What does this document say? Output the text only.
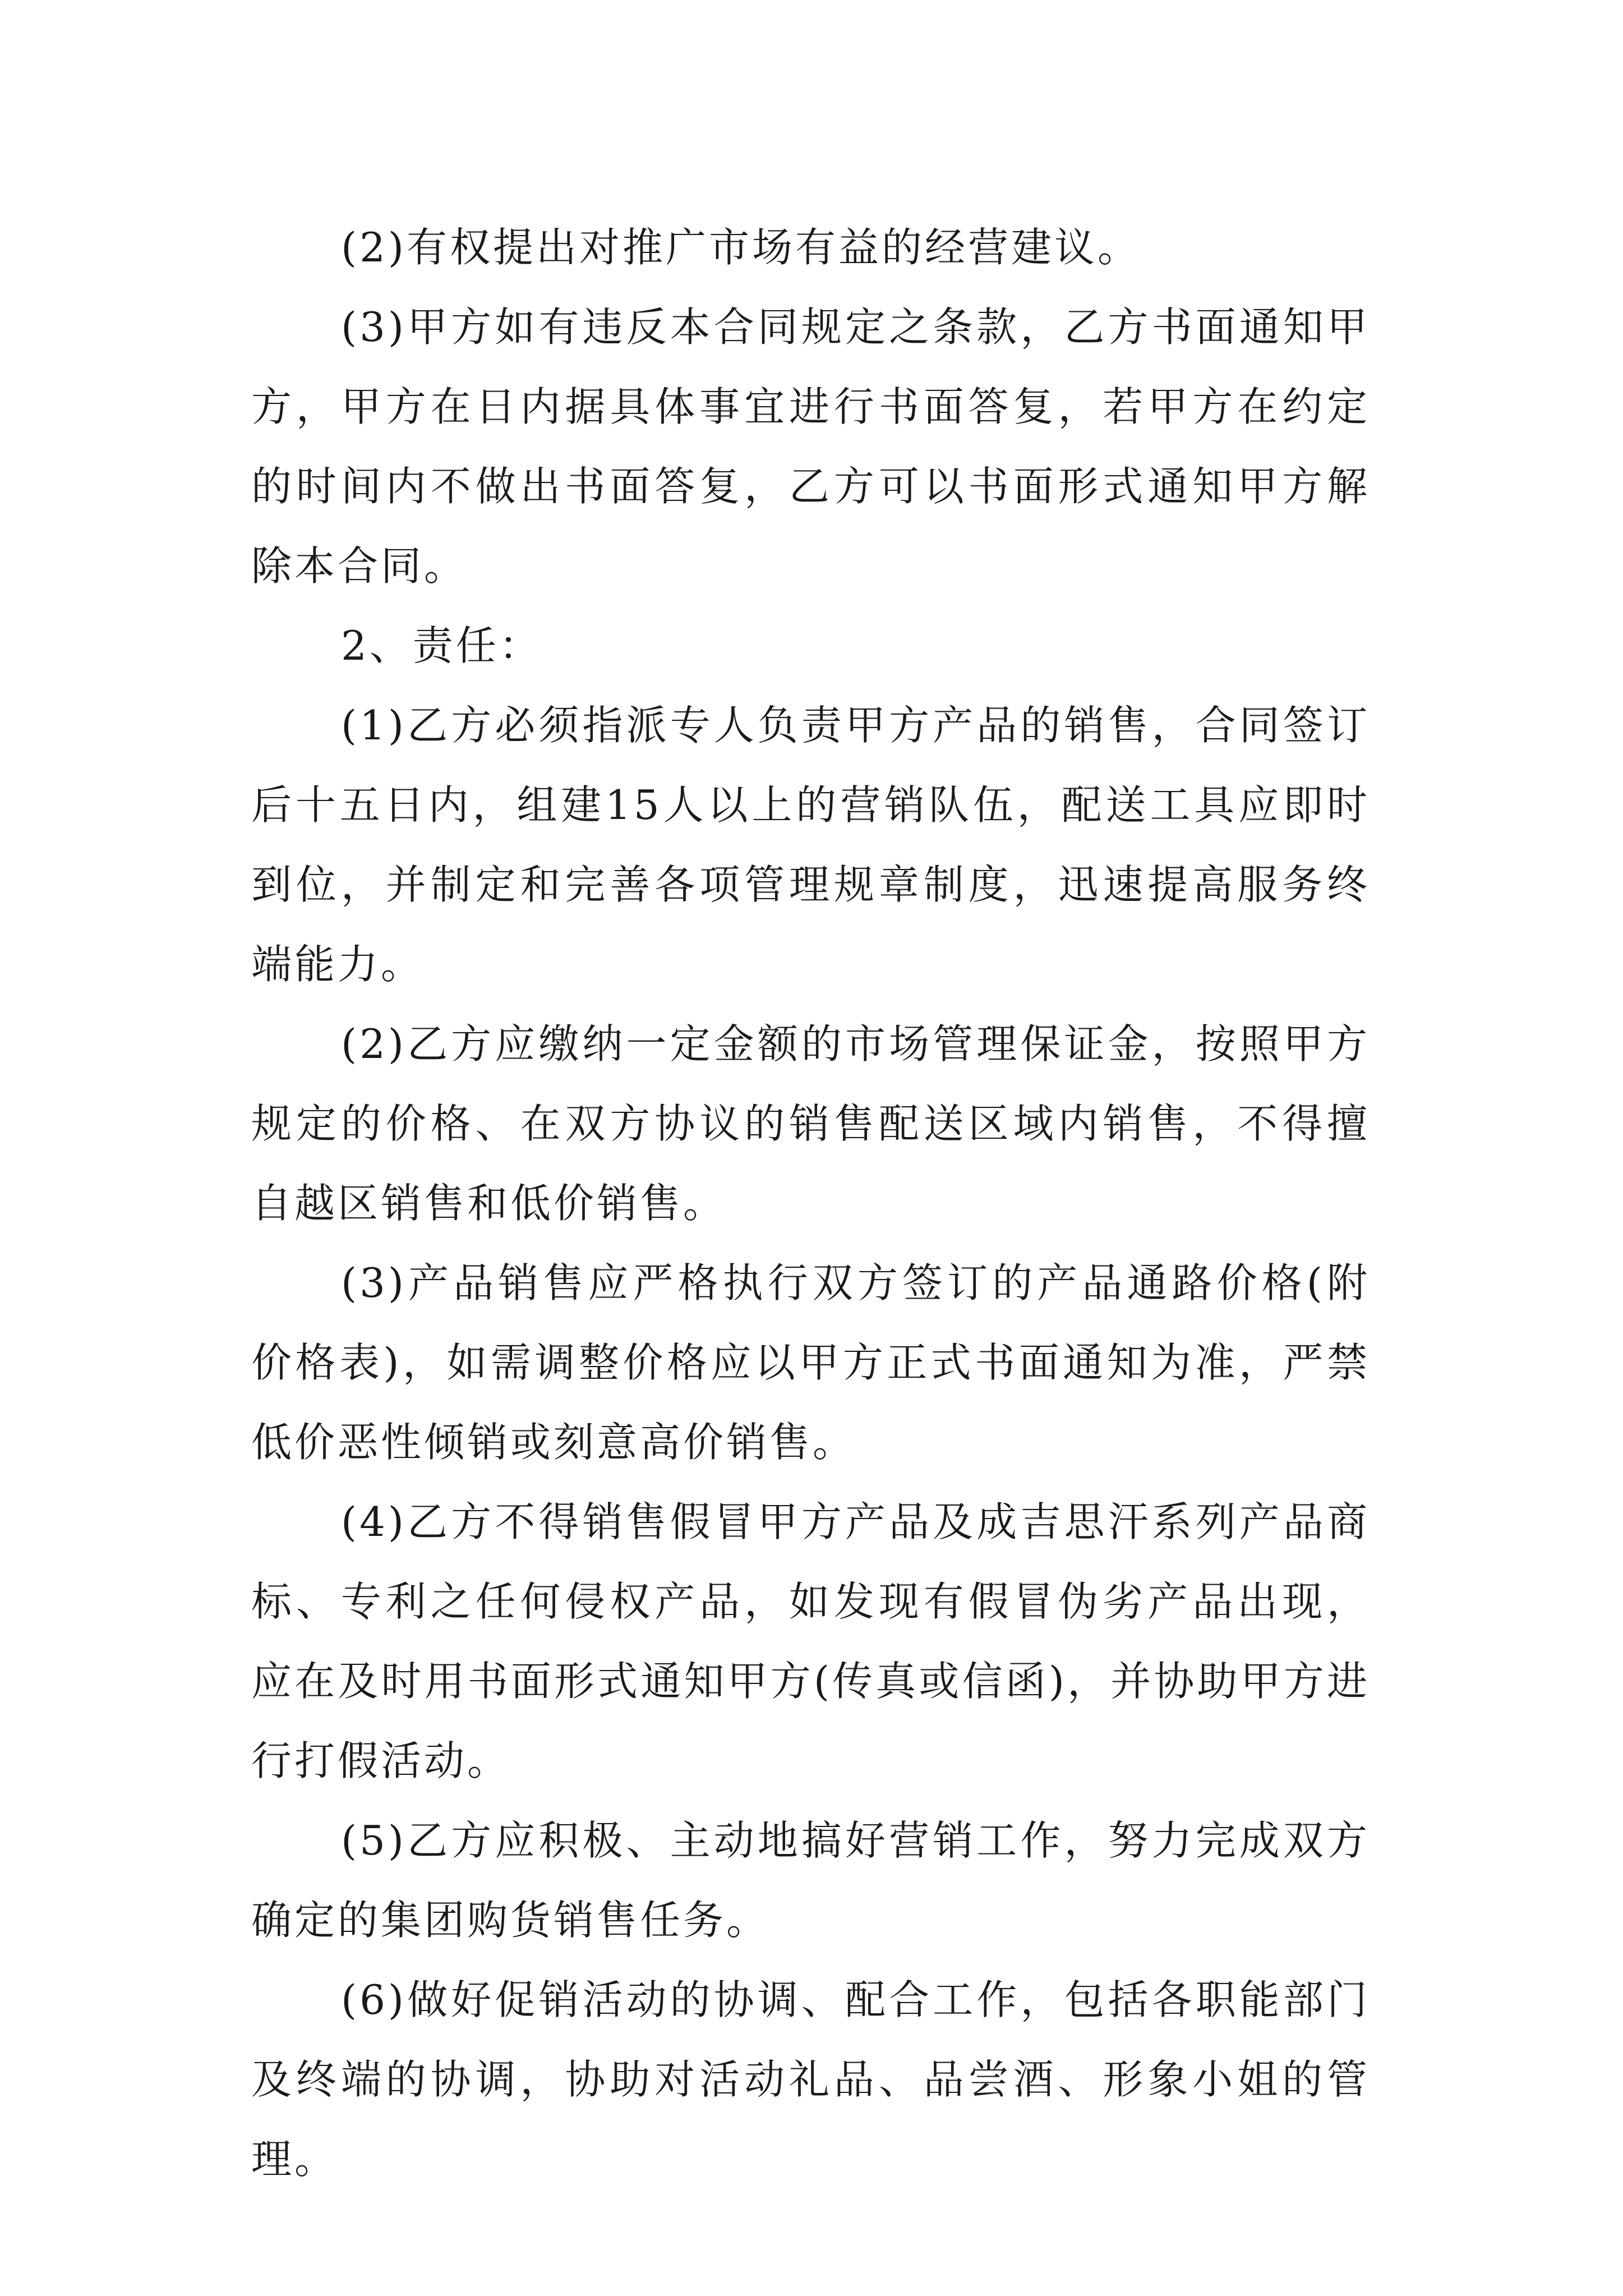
(2)有权提出对推广市场有益的经营建议。

(3)甲方如有违反本合同规定之条款，乙方书面通知甲方，甲方在日内据具体事宜进行书面答复，若甲方在约定的时间内不做出书面答复，乙方可以书面形式通知甲方解除本合同。

2、责任：

(1)乙方必须指派专人负责甲方产品的销售，合同签订后十五日内，组建15人以上的营销队伍，配送工具应即时到位，并制定和完善各项管理规章制度，迅速提高服务终端能力。

(2)乙方应缴纳一定金额的市场管理保证金，按照甲方规定的价格、在双方协议的销售配送区域内销售，不得擅自越区销售和低价销售。

(3)产品销售应严格执行双方签订的产品通路价格(附价格表)，如需调整价格应以甲方正式书面通知为准，严禁低价恶性倾销或刻意高价销售。

(4)乙方不得销售假冒甲方产品及成吉思汗系列产品商标、专利之任何侵权产品，如发现有假冒伪劣产品出现，应在及时用书面形式通知甲方(传真或信函)，并协助甲方进行打假活动。

(5)乙方应积极、主动地搞好营销工作，努力完成双方确定的集团购货销售任务。

(6)做好促销活动的协调、配合工作，包括各职能部门及终端的协调，协助对活动礼品、品尝酒、形象小姐的管理。
